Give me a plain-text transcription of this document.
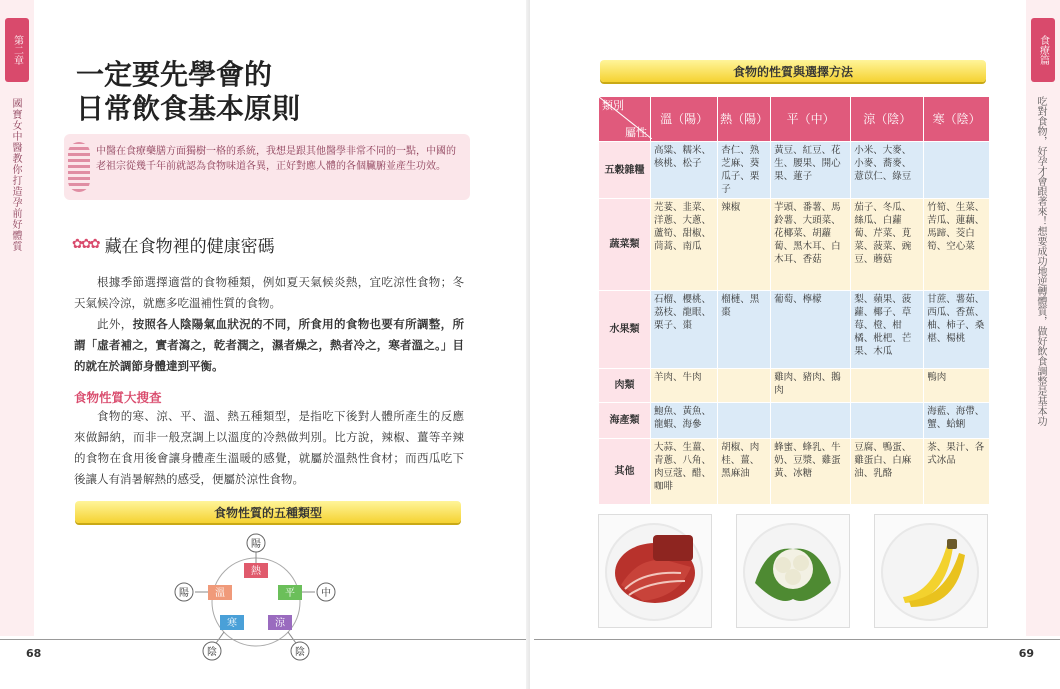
第二章
國寶女中醫教你打造孕前好體質
一定要先學會的
日常飲食基本原則
中醫在食療藥膳方面獨樹一格的系統，我想是跟其他醫學非常不同的一點，中國的老祖宗從幾千年前就認為食物味道各異，正好對應人體的各個臟腑並產生功效。
✿✿✿ 藏在食物裡的健康密碼
根據季節選擇適當的食物種類，例如夏天氣候炎熱，宜吃涼性食物；冬天氣候冷涼，就應多吃溫補性質的食物。
此外，按照各人陰陽氣血狀況的不同，所食用的食物也要有所調整，所謂「虛者補之，實者瀉之，乾者潤之，濕者燥之，熱者冷之，寒者溫之。」目的就在於調節身體達到平衡。
食物性質大搜查
食物的寒、涼、平、溫、熱五種類型，是指吃下後對人體所產生的反應來做歸納，而非一般烹調上以溫度的冷熱做判別。比方說，辣椒、薑等辛辣的食物在食用後會讓身體產生溫暖的感覺，就屬於溫熱性食材；而西瓜吃下後讓人有消暑解熱的感受，便屬於涼性食物。
食物性質的五種類型
陽
熱
溫	平
寒	涼
陽	中
陰	陰
68
食物的性質與選擇方法
食療篇
吃對食物，好孕才會跟著來！想要成功地逆轉體質，做好飲食調整是基本功
69
類別
屬性	溫（陽）	熱（陽）	平（中）	涼（陰）	寒（陰）
五穀雜糧	高粱、糯米、核桃、松子	杏仁、熟芝麻、葵瓜子、栗子	黃豆、紅豆、花生、腰果、開心果、蓮子	小米、大麥、小麥、蕎麥、薏苡仁、綠豆	
蔬菜類	芫荽、韭菜、洋蔥、大蔥、蘆筍、甜椒、茼蒿、南瓜	辣椒	芋頭、番薯、馬鈴薯、大頭菜、花椰菜、胡蘿蔔、黑木耳、白木耳、香菇	茄子、冬瓜、絲瓜、白蘿蔔、芹菜、莧菜、菠菜、豌豆、蘑菇	竹筍、生菜、苦瓜、蓮藕、馬蹄、茭白筍、空心菜
水果類	石榴、櫻桃、荔枝、龍眼、栗子、棗	榴槤、黑棗	葡萄、檸檬	梨、蘋果、菠蘿、椰子、草莓、橙、柑橘、枇杷、芒果、木瓜	甘蔗、薯茹、西瓜、香蕉、柚、柿子、桑椹、楊桃
肉類	羊肉、牛肉		雞肉、豬肉、鵝肉		鴨肉
海產類	鮑魚、黃魚、龍蝦、海參				海藍、海帶、蟹、蛤蜊
其他	大蒜、生薑、青蔥、八角、肉豆蔻、醋、咖啡	胡椒、肉桂、薑、黑麻油	蜂蜜、蜂乳、牛奶、豆漿、雞蛋黃、冰糖	豆腐、鴨蛋、雞蛋白、白麻油、乳酪	茶、果汁、各式冰品
